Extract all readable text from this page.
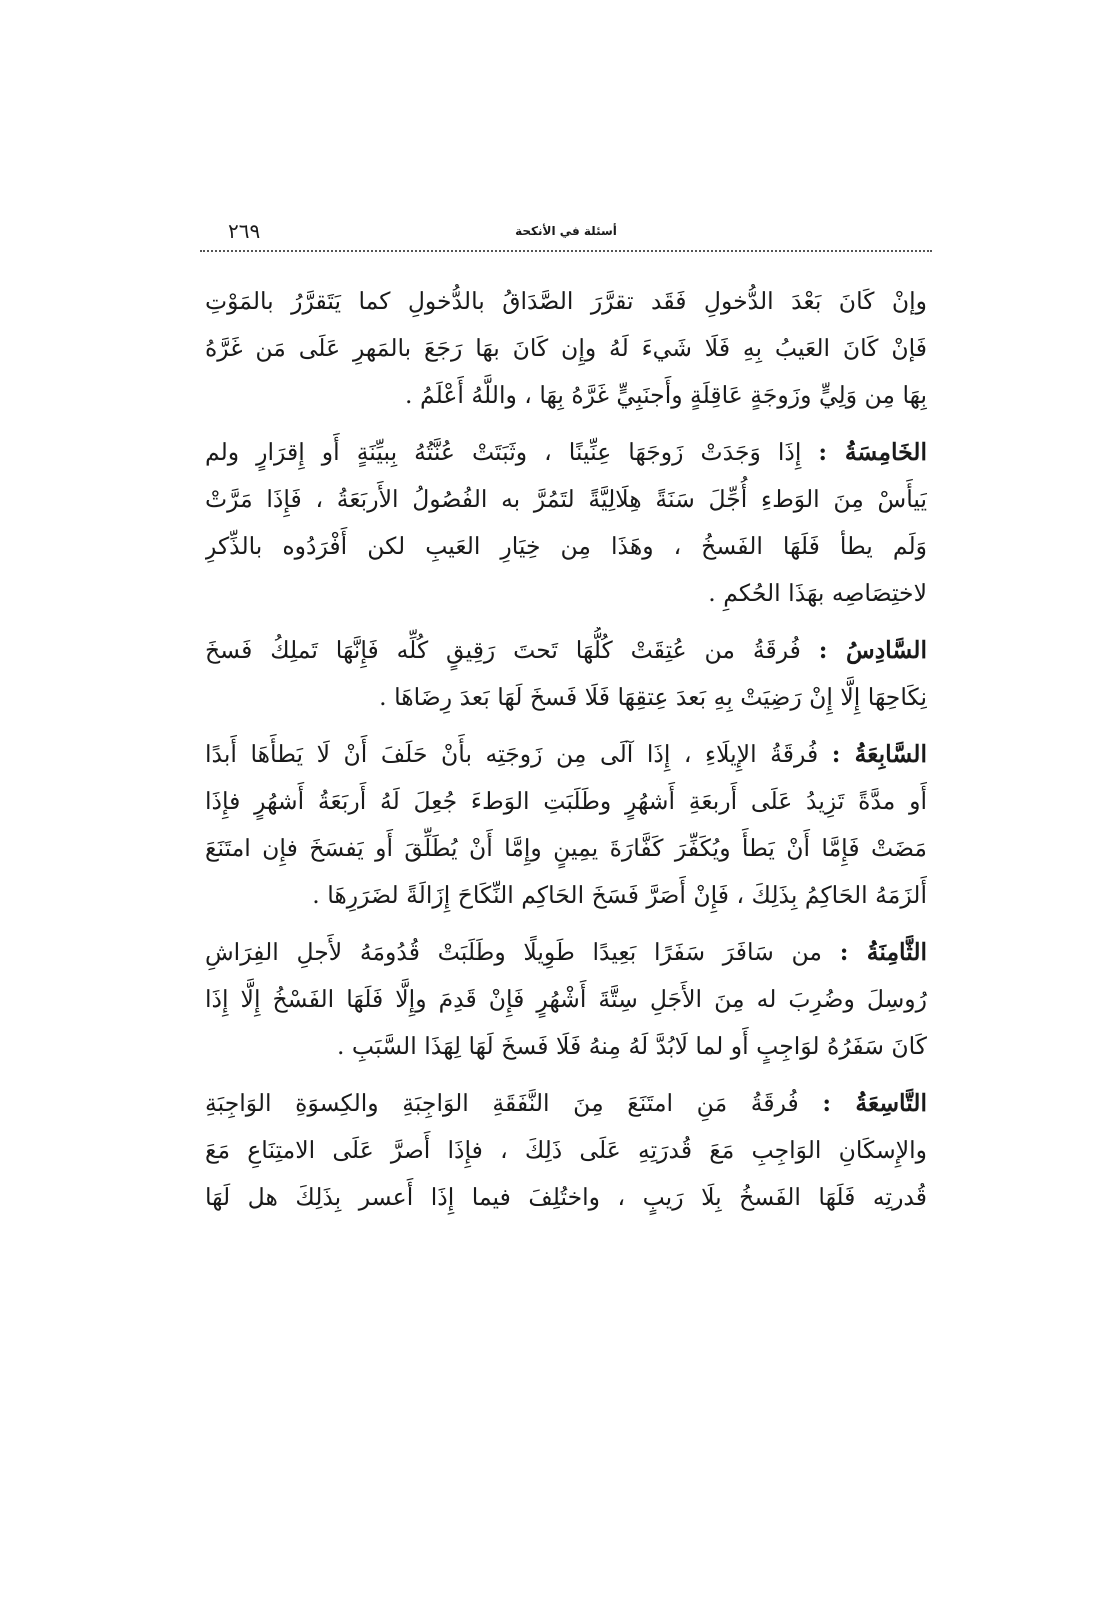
٢٦٩	أسئلة في الأنكحة

وإنْ كَانَ بَعْدَ الدُّخولِ فَقَد تقرَّرَ الصَّدَاقُ بالدُّخولِ كما يَتَقرَّرُ بالمَوْتِ
فَإنْ كَانَ العَيبُ بِهِ فَلَا شَيءَ لَهُ وإِن كَانَ بهَا رَجَعَ بالمَهرِ عَلَى مَن غَرَّهُ
بِهَا مِن وَلِيٍّ وزَوجَةٍ عَاقِلَةٍ وأَجنَبِيٍّ غَرَّهُ بِهَا ، واللَّهُ أَعْلَمُ .

الخَامِسَةُ : إِذَا وَجَدَتْ زَوجَهَا عِنِّينًا ، وثَبَتَتْ عُنَّتُهُ بِبيِّنَةٍ أَو إِقرَارٍ ولم
يَيأَسْ مِنَ الوَطءِ أُجِّلَ سَنَةً هِلَالِيَّةً لتَمُرَّ به الفُصُولُ الأَربَعَةُ ، فَإِذَا مَرَّتْ
وَلَم يطأ فَلَهَا الفَسخُ ، وهَذَا مِن خِيَارِ العَيبِ لكن أَفْرَدُوه بالذِّكرِ
لاختِصَاصِه بهَذَا الحُكمِ .

السَّادِسُ : فُرقَةُ من عُتِقَتْ كُلُّهَا تَحتَ رَقِيقٍ كُلِّه فَإِنَّهَا تَملِكُ فَسخَ
نِكَاحِهَا إِلَّا إِنْ رَضِيَتْ بِهِ بَعدَ عِتقِهَا فَلَا فَسخَ لَهَا بَعدَ رِضَاهَا .

السَّابِعَةُ : فُرقَةُ الإِيلَاءِ ، إِذَا آلَى مِن زَوجَتِه بأَنْ حَلَفَ أَنْ لَا يَطأَهَا أَبدًا
أَو مدَّةً تَزِيدُ عَلَى أَربعَةِ أَشهُرٍ وطَلَبَتِ الوَطءَ جُعِلَ لَهُ أَربَعَةُ أَشهُرٍ فإِذَا
مَضَتْ فَإِمَّا أَنْ يَطأَ ويُكَفِّرَ كَفَّارَةَ يمِينٍ وإِمَّا أَنْ يُطَلِّقَ أَو يَفسَخَ فإِن امتَنَعَ
أَلزَمَهُ الحَاكِمُ بِذَلِكَ ، فَإِنْ أَصَرَّ فَسَخَ الحَاكِم النِّكَاحَ إِزَالَةً لضَرَرِهَا .

الثَّامِنَةُ : من سَافَرَ سَفَرًا بَعِيدًا طَوِيلًا وطَلَبَتْ قُدُومَهُ لأَجلِ الفِرَاشِ
رُوسِلَ وضُرِبَ له مِنَ الأَجَلِ سِتَّةَ أَشْهُرٍ فَإِنْ قَدِمَ وإِلَّا فَلَهَا الفَسْخُ إِلَّا إِذَا
كَانَ سَفَرُهُ لوَاجِبٍ أَو لما لَابُدَّ لَهُ مِنهُ فَلَا فَسخَ لَهَا لِهَذَا السَّبَبِ .

التَّاسِعَةُ : فُرقَةُ مَنِ امتَنَعَ مِنَ النَّفَقَةِ الوَاجِبَةِ والكِسوَةِ الوَاجِبَةِ
والإِسكَانِ الوَاجِبِ مَعَ قُدرَتِهِ عَلَى ذَلِكَ ، فإِذَا أَصرَّ عَلَى الامتِنَاعِ مَعَ
قُدرتِه فَلَهَا الفَسخُ بِلَا رَيبٍ ، واختُلِفَ فيما إِذَا أَعسر بِذَلِكَ هل لَهَا
